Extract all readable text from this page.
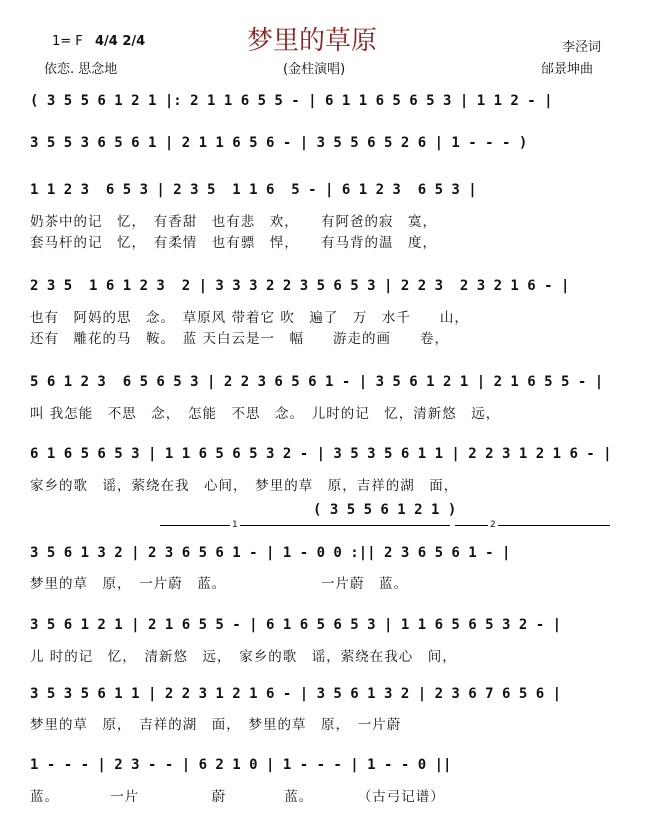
1= F 4/4 2/4	梦里的草原	李泾词
依恋. 思念地	(金柱演唱)	邰景坤曲
( 3 5 5 6 1 2 1 |: 2 1 1 6 5 5 - | 6 1 1 6 5 6 5 3 | 1 1 2 - |
3 5 5 3 6 5 6 1 | 2 1 1 6 5 6 - | 3 5 5 6 5 2 6 | 1 - - - )
1 1 2 3  6 5 3 | 2 3 5  1 1 6  5 - | 6 1 2 3  6 5 3 |
奶茶中的记　忆，　有香甜　也有悲　欢，　　有阿爸的寂　寞，
套马杆的记　忆，　有柔情　也有骠　悍，　　有马背的温　度，
2 3 5  1 6 1 2 3  2 | 3 3 3 2 2 3 5 6 5 3 | 2 2 3  2 3 2 1 6 - |
也有　阿妈的思　念。　草原风 带着它 吹　遍了　万　水千　　山，
还有　雕花的马　鞍。　蓝 天白云是一　幅　　游走的画　　卷，
5 6 1 2 3  6 5 6 5 3 | 2 2 3 6 5 6 1 - | 3 5 6 1 2 1 | 2 1 6 5 5 - |
叫 我怎能　不思　念，　怎能　不思　念。　儿时的记　忆，清新悠　远，
6 1 6 5 6 5 3 | 1 1 6 5 6 5 3 2 - | 3 5 3 5 6 1 1 | 2 2 3 1 2 1 6 - |
家乡的歌　谣，萦绕在我　心间，　梦里的草　原，吉祥的湖　面，
( 3 5 5 6 1 2 1 )
1	2
3 5 6 1 3 2 | 2 3 6 5 6 1 - | 1 - 0 0 :|| 2 3 6 5 6 1 - |
梦里的草　原，　一片蔚　蓝。　　　　　　　一片蔚　蓝。
3 5 6 1 2 1 | 2 1 6 5 5 - | 6 1 6 5 6 5 3 | 1 1 6 5 6 5 3 2 - |
儿 时的记　忆，　清新悠　远，　家乡的歌　谣，萦绕在我心　间，
3 5 3 5 6 1 1 | 2 2 3 1 2 1 6 - | 3 5 6 1 3 2 | 2 3 6 7 6 5 6 |
梦里的草　原，　吉祥的湖　面，　梦里的草　原，　一片蔚
1 - - - | 2 3 - - | 6 2 1 0 | 1 - - - | 1 - - 0 ||
蓝。　　　　一片　　　　　蔚　　　　蓝。　　　　（古弓记谱）
